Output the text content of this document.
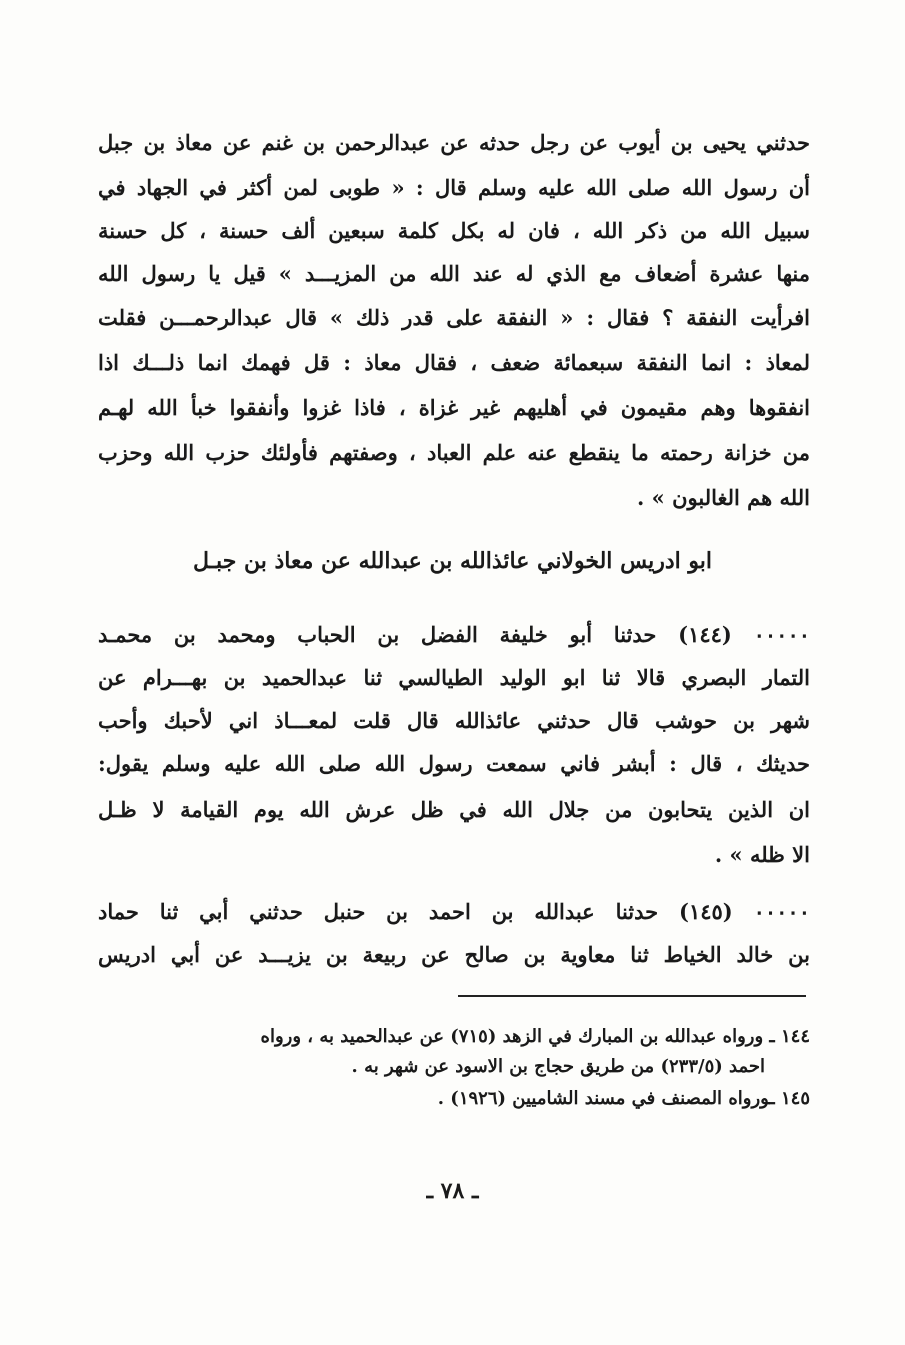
حدثني يحيى بن أيوب عن رجل حدثه عن عبدالرحمن بن غنم عن معاذ بن جبل
أن رسول الله صلى الله عليه وسلم قال : « طوبى لمن أكثر في الجهاد في
سبيل الله من ذكر الله ، فان له بكل كلمة سبعين ألف حسنة ، كل حسنة
منها عشرة أضعاف مع الذي له عند الله من المزيـــد » قيل يا رسول الله
افرأيت النفقة ؟ فقال : « النفقة على قدر ذلك » قال عبدالرحمـــن فقلت
لمعاذ : انما النفقة سبعمائة ضعف ، فقال معاذ : قل فهمك انما ذلـــك اذا
انفقوها وهم مقيمون في أهليهم غير غزاة ، فاذا غزوا وأنفقوا خبأ الله لهـم
من خزانة رحمته ما ينقطع عنه علم العباد ، وصفتهم فأولئك حزب الله وحزب
الله هم الغالبون » .
ابو ادريس الخولاني عائذالله بن عبدالله عن معاذ بن جبـل
٠٠٠٠٠ (١٤٤) حدثنا أبو خليفة الفضل بن الحباب ومحمد بن محمـد
التمار البصري قالا ثنا ابو الوليد الطيالسي ثنا عبدالحميد بن بهـــرام عن
شهر بن حوشب قال حدثني عائذالله قال قلت لمعـــاذ اني لأحبك وأحب
حديثك ، قال : أبشر فاني سمعت رسول الله صلى الله عليه وسلم يقول:
ان الذين يتحابون من جلال الله في ظل عرش الله يوم القيامة لا ظـل
الا ظله » .
٠٠٠٠٠ (١٤٥) حدثنا عبدالله بن احمد بن حنبل حدثني أبي ثنا حماد
بن خالد الخياط ثنا معاوية بن صالح عن ربيعة بن يزيـــد عن أبي ادريس
١٤٤ ـ ورواه عبدالله بن المبارك في الزهد (٧١٥) عن عبدالحميد به ، ورواه
احمد (٢٣٣/٥) من طريق حجاج بن الاسود عن شهر به .
١٤٥ ـورواه المصنف في مسند الشاميين (١٩٢٦) .
ـ ٧٨ ـ
